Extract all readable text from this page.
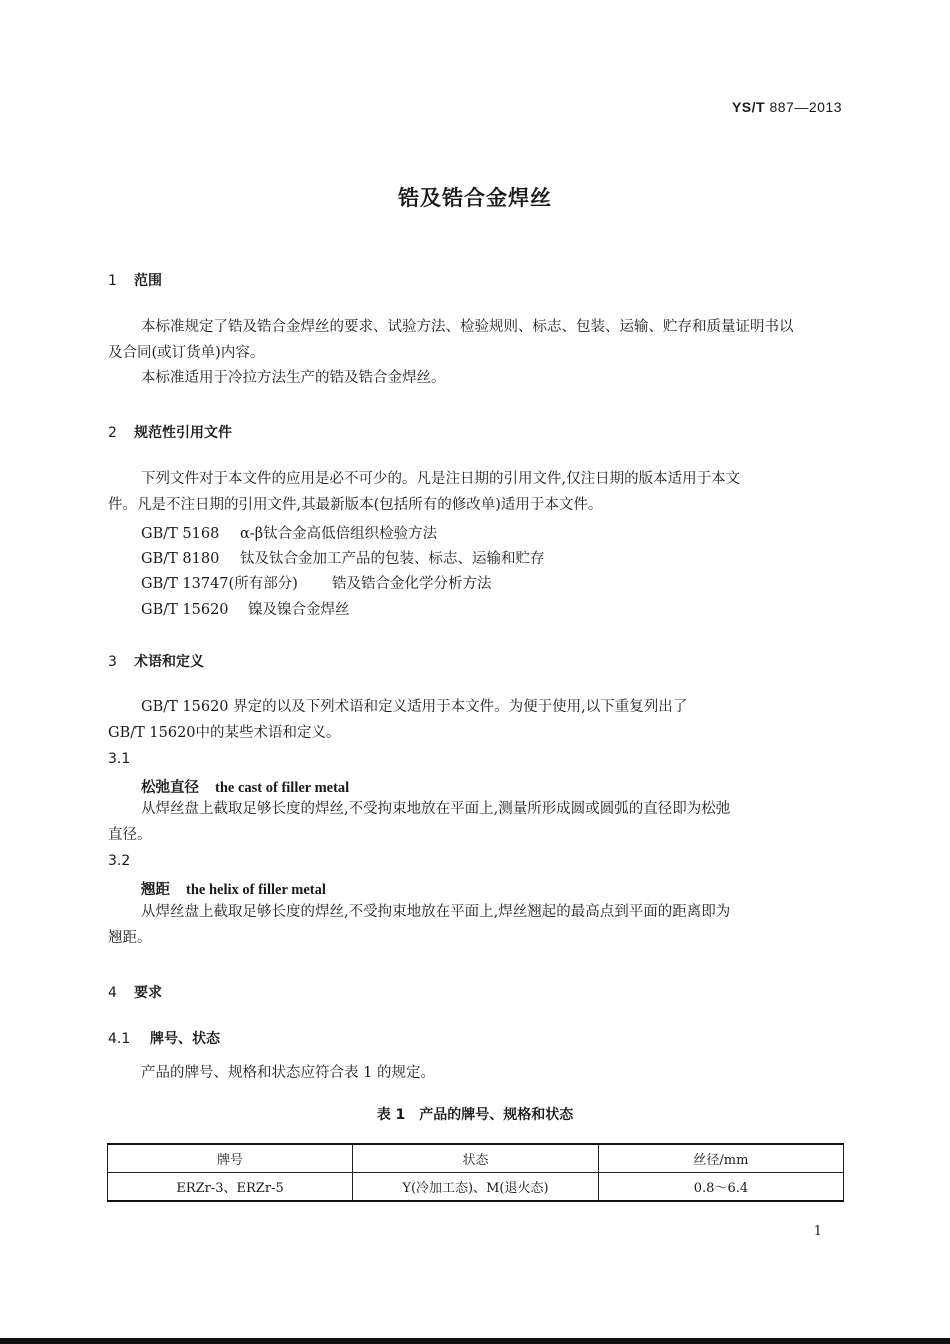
YS/T 887—2013
锆及锆合金焊丝
1 范围
本标准规定了锆及锆合金焊丝的要求、试验方法、检验规则、标志、包装、运输、贮存和质量证明书以
及合同(或订货单)内容。
本标准适用于冷拉方法生产的锆及锆合金焊丝。
2 规范性引用文件
下列文件对于本文件的应用是必不可少的。凡是注日期的引用文件,仅注日期的版本适用于本文
件。凡是不注日期的引用文件,其最新版本(包括所有的修改单)适用于本文件。
GB/T 5168 α-β钛合金高低倍组织检验方法
GB/T 8180 钛及钛合金加工产品的包装、标志、运输和贮存
GB/T 13747(所有部分) 锆及锆合金化学分析方法
GB/T 15620 镍及镍合金焊丝
3 术语和定义
GB/T 15620 界定的以及下列术语和定义适用于本文件。为便于使用,以下重复列出了
GB/T 15620中的某些术语和定义。
3.1
松弛直径 the cast of filler metal
从焊丝盘上截取足够长度的焊丝,不受拘束地放在平面上,测量所形成圆或圆弧的直径即为松弛
直径。
3.2
翘距 the helix of filler metal
从焊丝盘上截取足够长度的焊丝,不受拘束地放在平面上,焊丝翘起的最高点到平面的距离即为
翘距。
4 要求
4.1 牌号、状态
产品的牌号、规格和状态应符合表 1 的规定。
表 1　产品的牌号、规格和状态
牌号	状态	丝径/mm
ERZr-3、ERZr-5	Y(冷加工态)、M(退火态)	0.8～6.4
1
